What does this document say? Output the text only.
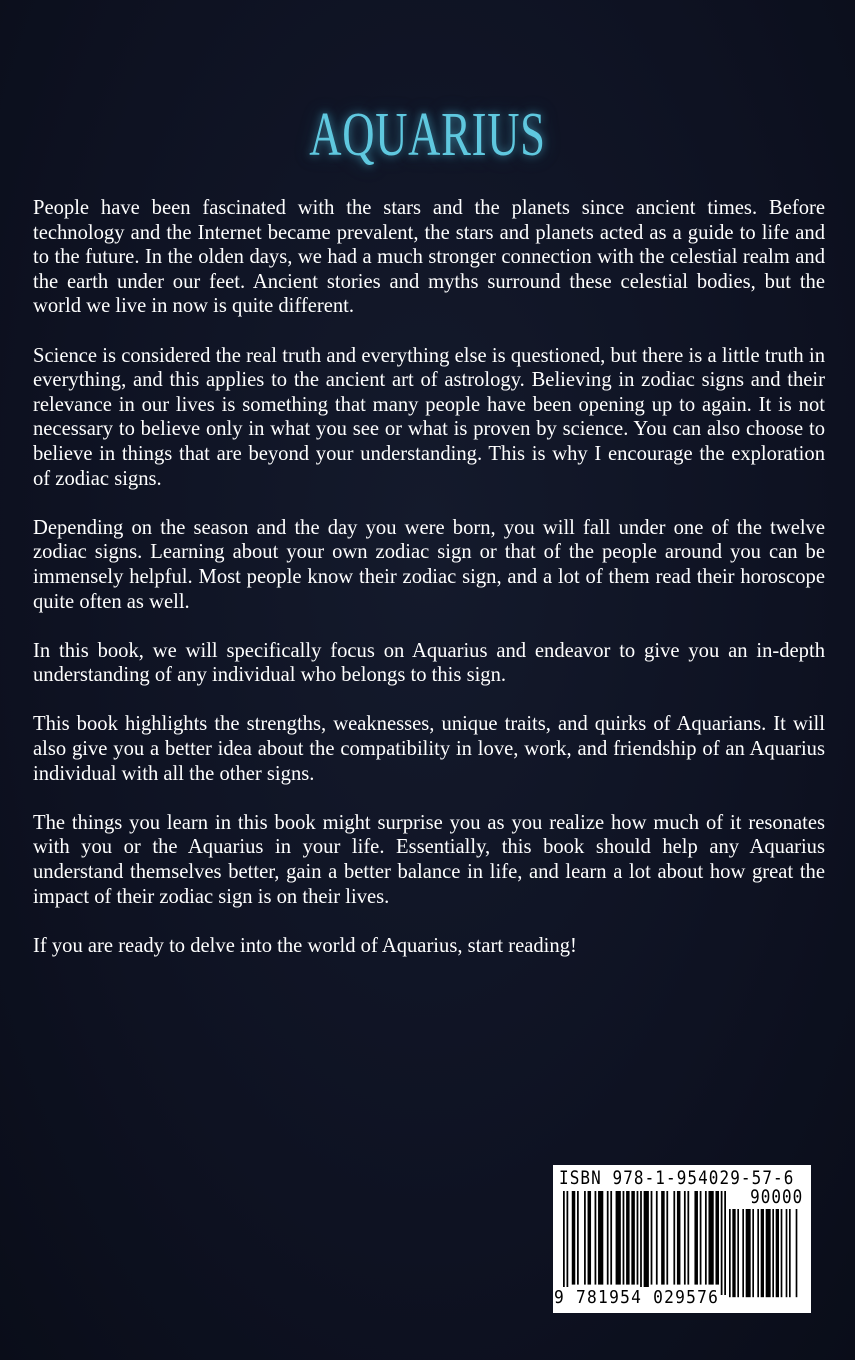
AQUARIUS

People have been fascinated with the stars and the planets since ancient times. Before technology and the Internet became prevalent, the stars and planets acted as a guide to life and to the future. In the olden days, we had a much stronger connection with the celestial realm and the earth under our feet. Ancient stories and myths surround these celestial bodies, but the world we live in now is quite different.

Science is considered the real truth and everything else is questioned, but there is a little truth in everything, and this applies to the ancient art of astrology. Believing in zodiac signs and their relevance in our lives is something that many people have been opening up to again. It is not necessary to believe only in what you see or what is proven by science. You can also choose to believe in things that are beyond your understanding. This is why I encourage the exploration of zodiac signs.

Depending on the season and the day you were born, you will fall under one of the twelve zodiac signs. Learning about your own zodiac sign or that of the people around you can be immensely helpful. Most people know their zodiac sign, and a lot of them read their horoscope quite often as well.

In this book, we will specifically focus on Aquarius and endeavor to give you an in-depth understanding of any individual who belongs to this sign.

This book highlights the strengths, weaknesses, unique traits, and quirks of Aquarians. It will also give you a better idea about the compatibility in love, work, and friendship of an Aquarius individual with all the other signs.

The things you learn in this book might surprise you as you realize how much of it resonates with you or the Aquarius in your life. Essentially, this book should help any Aquarius understand themselves better, gain a better balance in life, and learn a lot about how great the impact of their zodiac sign is on their lives.

If you are ready to delve into the world of Aquarius, start reading!

ISBN 978-1-954029-57-6
90000
9 781954 029576
